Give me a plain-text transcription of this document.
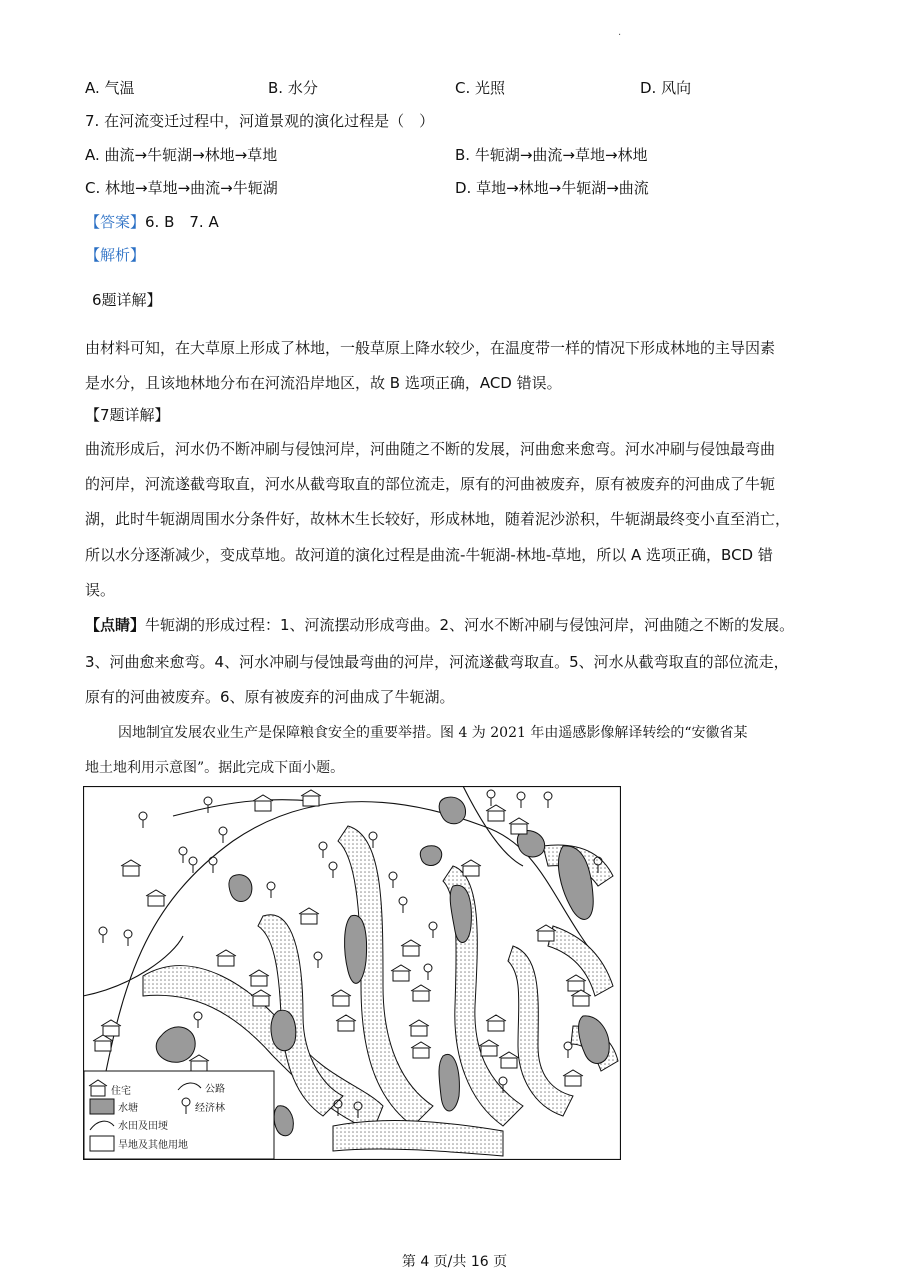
·
A. 气温	B. 水分	C. 光照	D. 风向
7. 在河流变迁过程中，河道景观的演化过程是（　）
A. 曲流→牛轭湖→林地→草地	B. 牛轭湖→曲流→草地→林地
C. 林地→草地→曲流→牛轭湖	D. 草地→林地→牛轭湖→曲流
【答案】6. B　7. A
【解析】
6题详解】
由材料可知，在大草原上形成了林地，一般草原上降水较少，在温度带一样的情况下形成林地的主导因素
是水分，且该地林地分布在河流沿岸地区，故 B 选项正确，ACD 错误。
【7题详解】
曲流形成后，河水仍不断冲刷与侵蚀河岸，河曲随之不断的发展，河曲愈来愈弯。河水冲刷与侵蚀最弯曲
的河岸，河流遂截弯取直，河水从截弯取直的部位流走，原有的河曲被废弃，原有被废弃的河曲成了牛轭
湖，此时牛轭湖周围水分条件好，故林木生长较好，形成林地，随着泥沙淤积，牛轭湖最终变小直至消亡，
所以水分逐渐减少，变成草地。故河道的演化过程是曲流-牛轭湖-林地-草地，所以 A 选项正确，BCD 错
误。
【点睛】牛轭湖的形成过程：1、河流摆动形成弯曲。2、河水不断冲刷与侵蚀河岸，河曲随之不断的发展。
3、河曲愈来愈弯。4、河水冲刷与侵蚀最弯曲的河岸，河流遂截弯取直。5、河水从截弯取直的部位流走，
原有的河曲被废弃。6、原有被废弃的河曲成了牛轭湖。
因地制宜发展农业生产是保障粮食安全的重要举措。图 4 为 2021 年由遥感影像解译转绘的“安徽省某
地土地利用示意图”。据此完成下面小题。
住宅	公路
水塘	经济林
水田及田埂
旱地及其他用地
第 4 页/共 16 页
